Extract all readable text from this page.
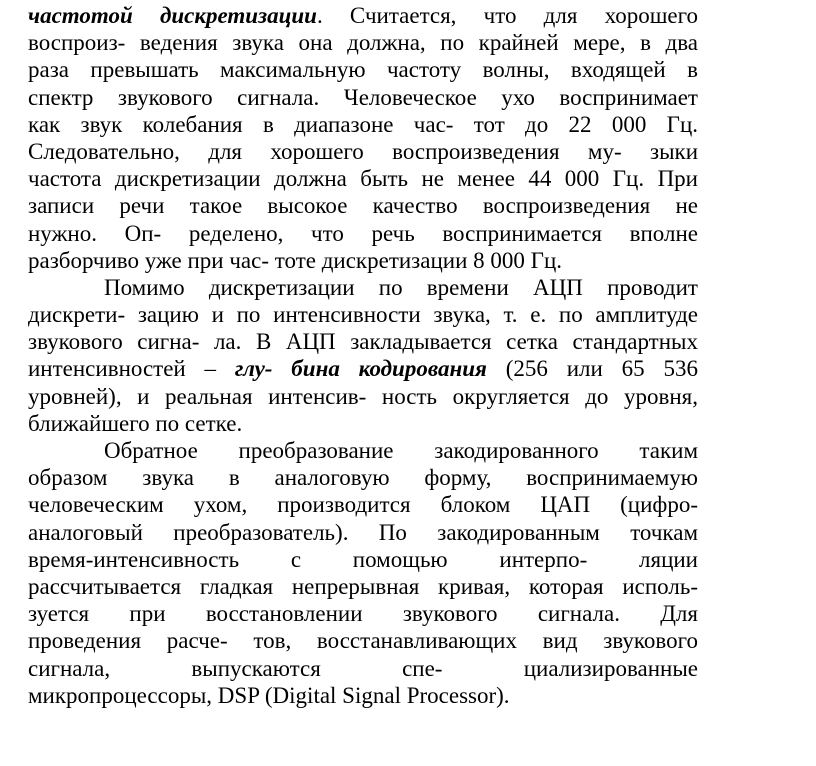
частотой дискретизации. Считается, что для хорошего
воспроиз- ведения звука она должна, по крайней мере, в два
раза превышать максимальную частоту волны, входящей в
спектр звукового сигнала. Человеческое ухо воспринимает
как звук колебания в диапазоне час- тот до 22 000 Гц.
Следовательно, для хорошего воспроизведения му- зыки
частота дискретизации должна быть не менее 44 000 Гц. При
записи речи такое высокое качество воспроизведения не
нужно. Оп- ределено, что речь воспринимается вполне
разборчиво уже при час- тоте дискретизации 8 000 Гц.
Помимо дискретизации по времени АЦП проводит
дискрети- зацию и по интенсивности звука, т. е. по амплитуде
звукового сигна- ла. В АЦП закладывается сетка стандартных
интенсивностей – глу- бина кодирования (256 или 65 536
уровней), и реальная интенсив- ность округляется до уровня,
ближайшего по сетке.
Обратное преобразование закодированного таким
образом звука в аналоговую форму, воспринимаемую
человеческим ухом, производится блоком ЦАП (цифро-
аналоговый преобразователь). По закодированным точкам
время-интенсивность с помощью интерпо- ляции
рассчитывается гладкая непрерывная кривая, которая исполь-
зуется при восстановлении звукового сигнала. Для
проведения расче- тов, восстанавливающих вид звукового
сигнала, выпускаются спе- циализированные
микропроцессоры, DSP (Digital Signal Processor).
